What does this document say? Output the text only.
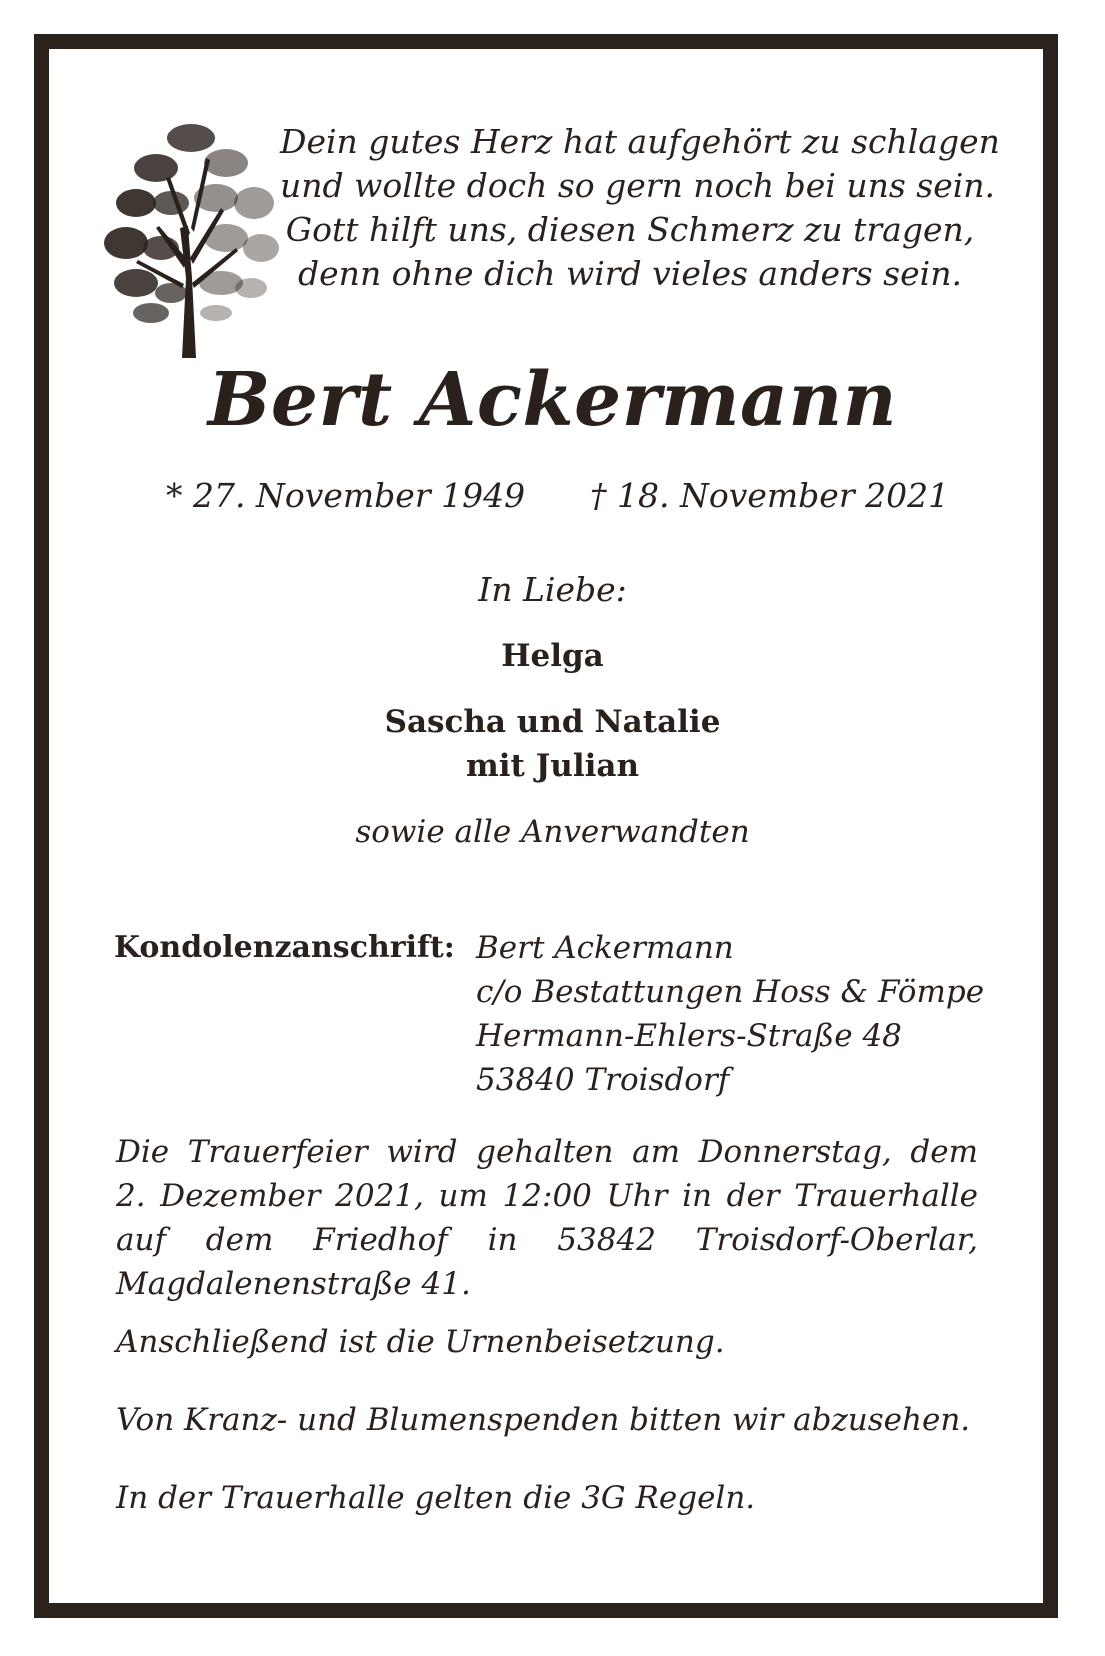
Dein gutes Herz hat aufgehört zu schlagen
und wollte doch so gern noch bei uns sein.
Gott hilft uns, diesen Schmerz zu tragen,
denn ohne dich wird vieles anders sein.
Bert Ackermann
* 27. November 1949 † 18. November 2021
In Liebe:
Helga
Sascha und Natalie
mit Julian
sowie alle Anverwandten
Kondolenzanschrift: Bert Ackermann
c/o Bestattungen Hoss & Fömpe
Hermann-Ehlers-Straße 48
53840 Troisdorf
Die Trauerfeier wird gehalten am Donnerstag, dem
2. Dezember 2021, um 12:00 Uhr in der Trauerhalle
auf dem Friedhof in 53842 Troisdorf-Oberlar,
Magdalenenstraße 41.
Anschließend ist die Urnenbeisetzung.
Von Kranz- und Blumenspenden bitten wir abzusehen.
In der Trauerhalle gelten die 3G Regeln.
